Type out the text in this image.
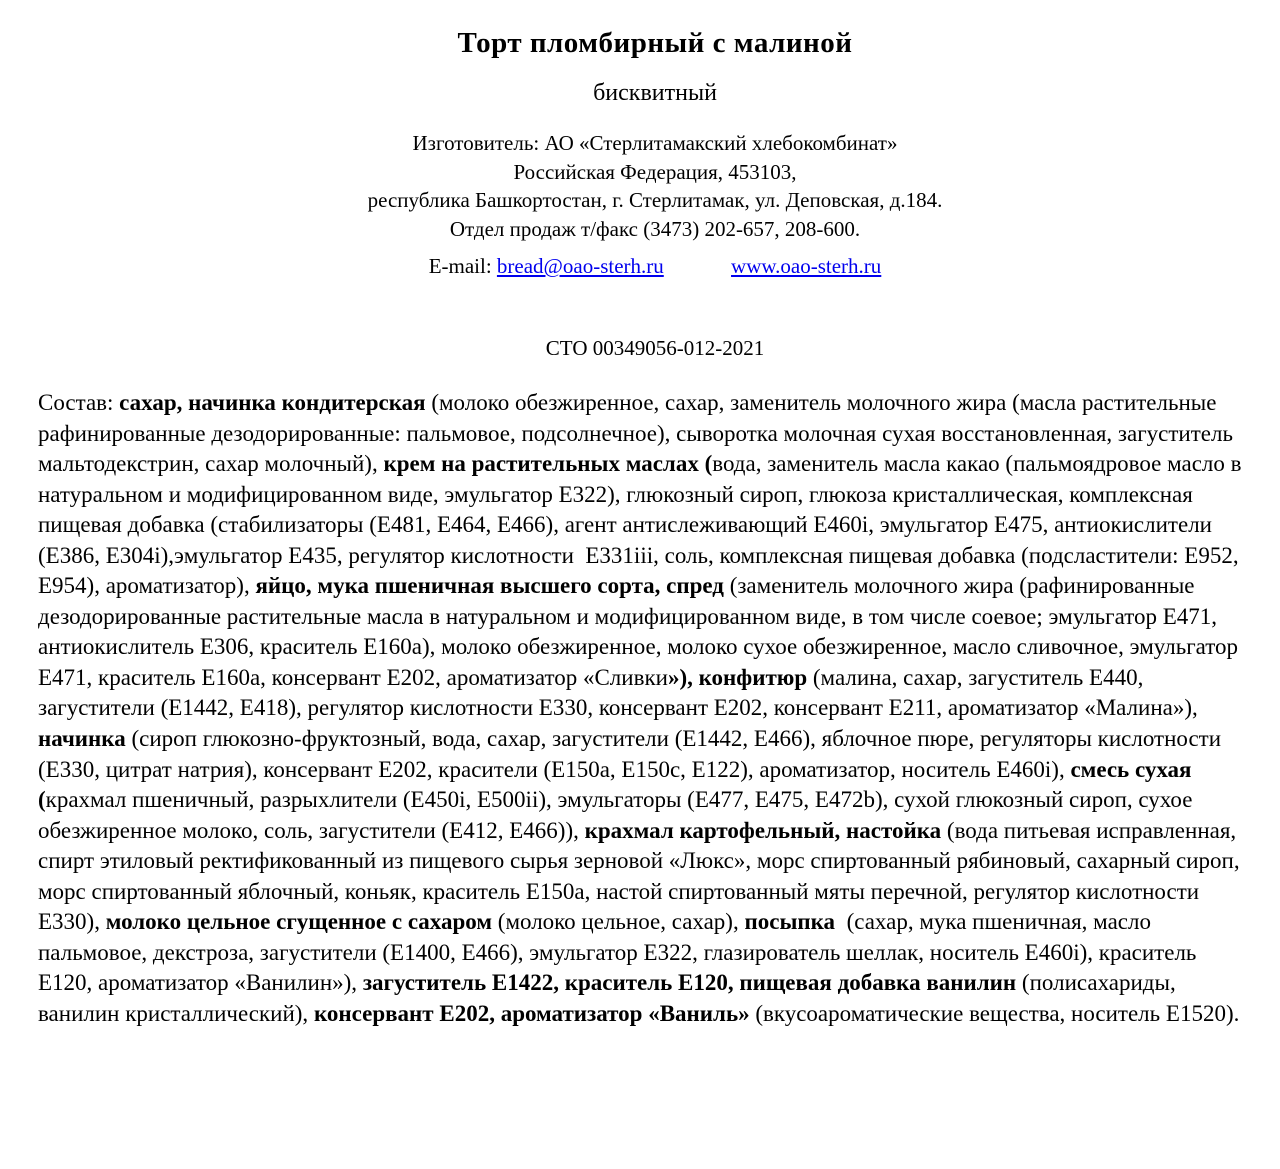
Торт пломбирный с малиной
бисквитный
Изготовитель: АО «Стерлитамакский хлебокомбинат»
Российская Федерация, 453103,
республика Башкортостан, г. Стерлитамак, ул. Деповская, д.184.
Отдел продаж т/факс (3473) 202-657, 208-600.
E-mail: bread@oao-sterh.ru	www.oao-sterh.ru
СТО 00349056-012-2021

Состав: сахар, начинка кондитерская (молоко обезжиренное, сахар, заменитель молочного жира (масла растительные рафинированные дезодорированные: пальмовое, подсолнечное), сыворотка молочная сухая восстановленная, загуститель мальтодекстрин, сахар молочный), крем на растительных маслах (вода, заменитель масла какао (пальмоядровое масло в натуральном и модифицированном виде, эмульгатор Е322), глюкозный сироп, глюкоза кристаллическая, комплексная пищевая добавка (стабилизаторы (Е481, Е464, Е466), агент антислеживающий Е460i, эмульгатор Е475, антиокислители (Е386, Е304i),эмульгатор Е435, регулятор кислотности  Е331iii, соль, комплексная пищевая добавка (подсластители: Е952, Е954), ароматизатор), яйцо, мука пшеничная высшего сорта, спред (заменитель молочного жира (рафинированные дезодорированные растительные масла в натуральном и модифицированном виде, в том числе соевое; эмульгатор Е471, антиокислитель Е306, краситель Е160а), молоко обезжиренное, молоко сухое обезжиренное, масло сливочное, эмульгатор Е471, краситель Е160а, консервант Е202, ароматизатор «Сливки»), конфитюр (малина, сахар, загуститель Е440, загустители (Е1442, Е418), регулятор кислотности Е330, консервант Е202, консервант Е211, ароматизатор «Малина»), начинка (сироп глюкозно-фруктозный, вода, сахар, загустители (Е1442, Е466), яблочное пюре, регуляторы кислотности (Е330, цитрат натрия), консервант Е202, красители (Е150а, Е150с, Е122), ароматизатор, носитель Е460i), смесь сухая (крахмал пшеничный, разрыхлители (Е450i, Е500ii), эмульгаторы (Е477, Е475, Е472b), сухой глюкозный сироп, сухое обезжиренное молоко, соль, загустители (Е412, Е466)), крахмал картофельный, настойка (вода питьевая исправленная, спирт этиловый ректификованный из пищевого сырья зерновой «Люкс», морс спиртованный рябиновый, сахарный сироп, морс спиртованный яблочный, коньяк, краситель Е150а, настой спиртованный мяты перечной, регулятор кислотности Е330), молоко цельное сгущенное с сахаром (молоко цельное, сахар), посыпка  (сахар, мука пшеничная, масло пальмовое, декстроза, загустители (Е1400, Е466), эмульгатор Е322, глазирователь шеллак, носитель Е460i), краситель Е120, ароматизатор «Ванилин»), загуститель Е1422, краситель Е120, пищевая добавка ванилин (полисахариды, ванилин кристаллический), консервант Е202, ароматизатор «Ваниль» (вкусоароматические вещества, носитель Е1520).
